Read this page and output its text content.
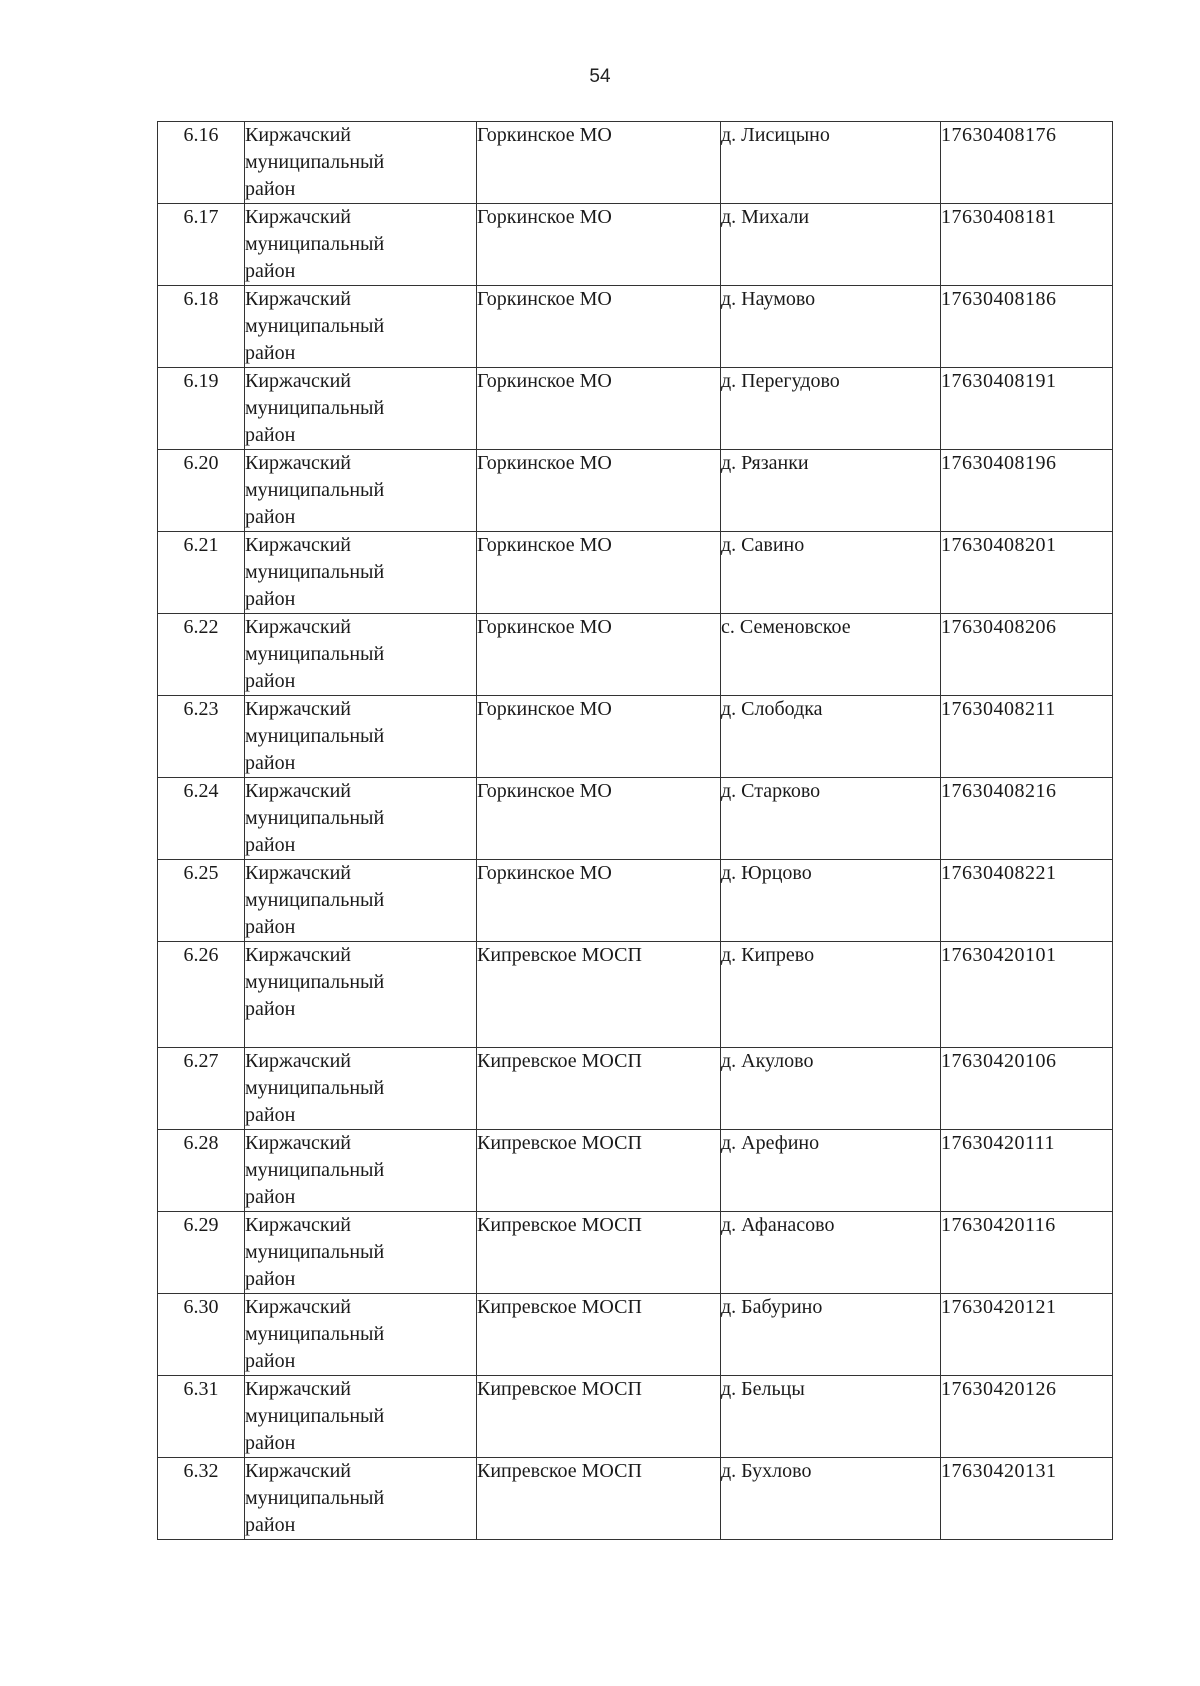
54
6.16	Киржачский
муниципальный
район	Горкинское МО	д. Лисицыно	17630408176
6.17	Киржачский
муниципальный
район	Горкинское МО	д. Михали	17630408181
6.18	Киржачский
муниципальный
район	Горкинское МО	д. Наумово	17630408186
6.19	Киржачский
муниципальный
район	Горкинское МО	д. Перегудово	17630408191
6.20	Киржачский
муниципальный
район	Горкинское МО	д. Рязанки	17630408196
6.21	Киржачский
муниципальный
район	Горкинское МО	д. Савино	17630408201
6.22	Киржачский
муниципальный
район	Горкинское МО	с. Семеновское	17630408206
6.23	Киржачский
муниципальный
район	Горкинское МО	д. Слободка	17630408211
6.24	Киржачский
муниципальный
район	Горкинское МО	д. Старково	17630408216
6.25	Киржачский
муниципальный
район	Горкинское МО	д. Юрцово	17630408221
6.26	Киржачский
муниципальный
район	Кипревское МОСП	д. Кипрево	17630420101
6.27	Киржачский
муниципальный
район	Кипревское МОСП	д. Акулово	17630420106
6.28	Киржачский
муниципальный
район	Кипревское МОСП	д. Арефино	17630420111
6.29	Киржачский
муниципальный
район	Кипревское МОСП	д. Афанасово	17630420116
6.30	Киржачский
муниципальный
район	Кипревское МОСП	д. Бабурино	17630420121
6.31	Киржачский
муниципальный
район	Кипревское МОСП	д. Бельцы	17630420126
6.32	Киржачский
муниципальный
район	Кипревское МОСП	д. Бухлово	17630420131
